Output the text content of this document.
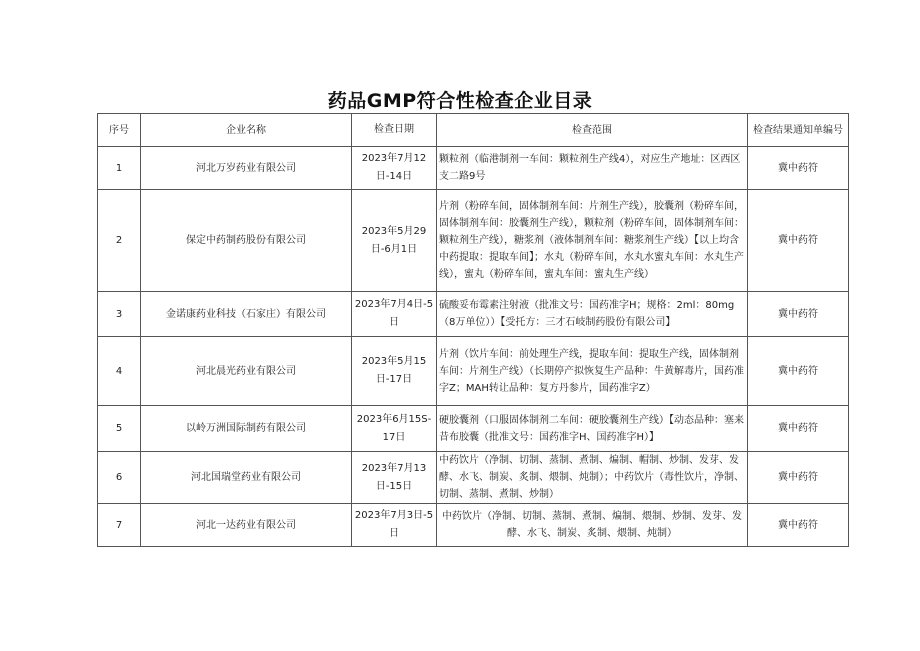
药品GMP符合性检查企业目录
序号	企业名称	检查日期	检查范围	检查结果通知单编号
1	河北万岁药业有限公司	2023年7月12日-14日	颗粒剂（临港制剂一车间：颗粒剂生产线4），对应生产地址：区西区支二路9号	冀中药符
2	保定中药制药股份有限公司	2023年5月29日-6月1日	片剂（粉碎车间，固体制剂车间：片剂生产线），胶囊剂（粉碎车间，固体制剂车间：胶囊剂生产线），颗粒剂（粉碎车间，固体制剂车间：颗粒剂生产线），糖浆剂（液体制剂车间：糖浆剂生产线）【以上均含中药提取：提取车间】；水丸（粉碎车间，水丸水蜜丸车间：水丸生产线），蜜丸（粉碎车间，蜜丸车间：蜜丸生产线）	冀中药符
3	金诺康药业科技（石家庄）有限公司	2023年7月4日-5日	硫酸妥布霉素注射液（批准文号：国药准字H；规格：2ml：80mg（8万单位））【受托方：三才石岐制药股份有限公司】	冀中药符
4	河北晨光药业有限公司	2023年5月15日-17日	片剂（饮片车间：前处理生产线，提取车间：提取生产线，固体制剂车间：片剂生产线）（长期停产拟恢复生产品种：牛黄解毒片，国药准字Z；MAH转让品种：复方丹参片，国药准字Z）	冀中药符
5	以岭万洲国际制药有限公司	2023年6月15S-17日	硬胶囊剂（口服固体制剂二车间：硬胶囊剂生产线）【动态品种：塞来昔布胶囊（批准文号：国药准字H、国药准字H）】	冀中药符
6	河北国瑞堂药业有限公司	2023年7月13日-15日	中药饮片（净制、切制、蒸制、煮制、煸制、帽制、炒制、发芽、发酵、水飞、制炭、炙制、煨制、炖制）；中药饮片（毒性饮片，净制、切制、蒸制、煮制、炒制）	冀中药符
7	河北一达药业有限公司	2023年7月3日-5日	中药饮片（净制、切制、蒸制、煮制、煸制、煨制、炒制、发芽、发酵、水飞、制炭、炙制、煨制、炖制）	冀中药符
